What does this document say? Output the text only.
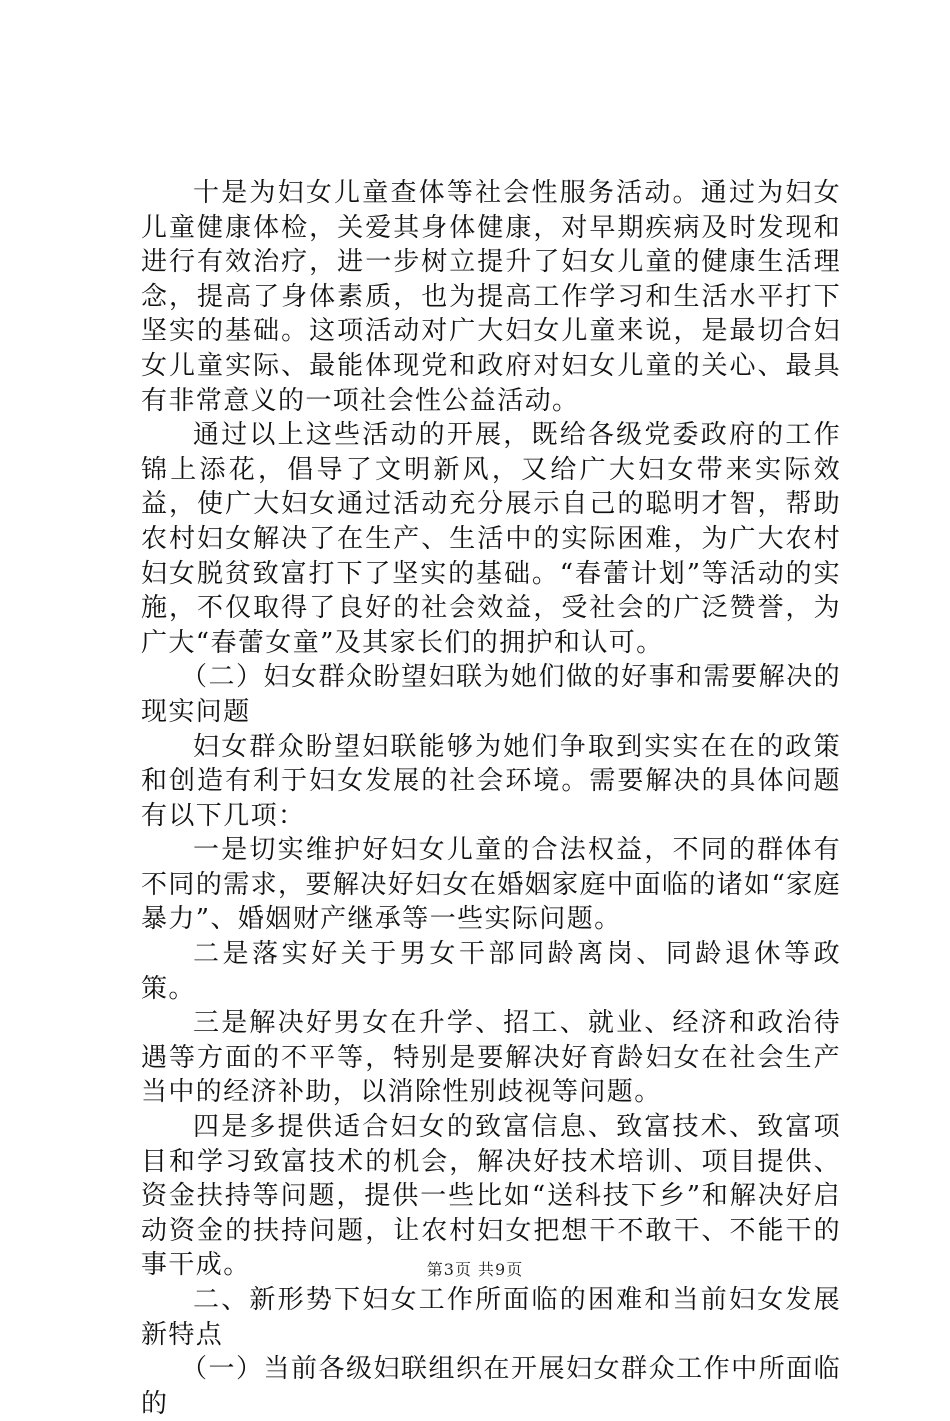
十是为妇女儿童查体等社会性服务活动。通过为妇女儿童健康体检，关爱其身体健康，对早期疾病及时发现和进行有效治疗，进一步树立提升了妇女儿童的健康生活理念，提高了身体素质，也为提高工作学习和生活水平打下坚实的基础。这项活动对广大妇女儿童来说，是最切合妇女儿童实际、最能体现党和政府对妇女儿童的关心、最具有非常意义的一项社会性公益活动。

通过以上这些活动的开展，既给各级党委政府的工作锦上添花，倡导了文明新风，又给广大妇女带来实际效益，使广大妇女通过活动充分展示自己的聪明才智，帮助农村妇女解决了在生产、生活中的实际困难，为广大农村妇女脱贫致富打下了坚实的基础。“春蕾计划”等活动的实施，不仅取得了良好的社会效益，受社会的广泛赞誉，为广大“春蕾女童”及其家长们的拥护和认可。

（二）妇女群众盼望妇联为她们做的好事和需要解决的现实问题

妇女群众盼望妇联能够为她们争取到实实在在的政策和创造有利于妇女发展的社会环境。需要解决的具体问题有以下几项：

一是切实维护好妇女儿童的合法权益，不同的群体有不同的需求，要解决好妇女在婚姻家庭中面临的诸如“家庭暴力”、婚姻财产继承等一些实际问题。

二是落实好关于男女干部同龄离岗、同龄退休等政策。

三是解决好男女在升学、招工、就业、经济和政治待遇等方面的不平等，特别是要解决好育龄妇女在社会生产当中的经济补助，以消除性别歧视等问题。

四是多提供适合妇女的致富信息、致富技术、致富项目和学习致富技术的机会，解决好技术培训、项目提供、资金扶持等问题，提供一些比如“送科技下乡”和解决好启动资金的扶持问题，让农村妇女把想干不敢干、不能干的事干成。

二、新形势下妇女工作所面临的困难和当前妇女发展新特点

（一）当前各级妇联组织在开展妇女群众工作中所面临的

第3页 共9页
